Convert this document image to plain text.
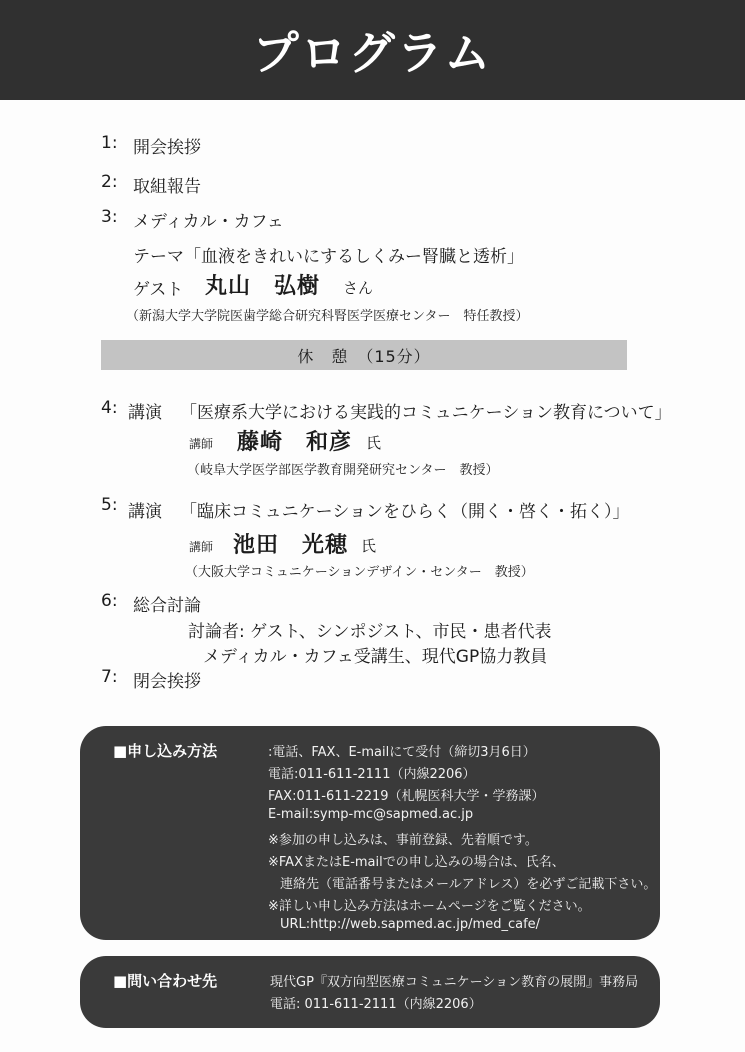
プログラム
1: 開会挨拶
2: 取組報告
3: メディカル・カフェ
テーマ「血液をきれいにするしくみー腎臓と透析」
ゲスト 丸山　弘樹 さん
（新潟大学大学院医歯学総合研究科腎医学医療センター　特任教授）
休　憩　（15分）
4: 講演 「医療系大学における実践的コミュニケーション教育について」
講師 藤崎　和彦 氏
（岐阜大学医学部医学教育開発研究センター　教授）
5: 講演 「臨床コミュニケーションをひらく（開く・啓く・拓く）」
講師 池田　光穂 氏
（大阪大学コミュニケーションデザイン・センター　教授）
6: 総合討論
討論者: ゲスト、シンポジスト、市民・患者代表
メディカル・カフェ受講生、現代GP協力教員
7: 閉会挨拶
■申し込み方法	:電話、FAX、E-mailにて受付（締切3月6日）
電話:011-611-2111（内線2206）
FAX:011-611-2219（札幌医科大学・学務課）
E-mail:symp-mc@sapmed.ac.jp
※参加の申し込みは、事前登録、先着順です。
※FAXまたはE-mailでの申し込みの場合は、氏名、
連絡先（電話番号またはメールアドレス）を必ずご記載下さい。
※詳しい申し込み方法はホームページをご覧ください。
URL:http://web.sapmed.ac.jp/med_cafe/
■問い合わせ先	現代GP『双方向型医療コミュニケーション教育の展開』事務局
電話: 011-611-2111（内線2206）
